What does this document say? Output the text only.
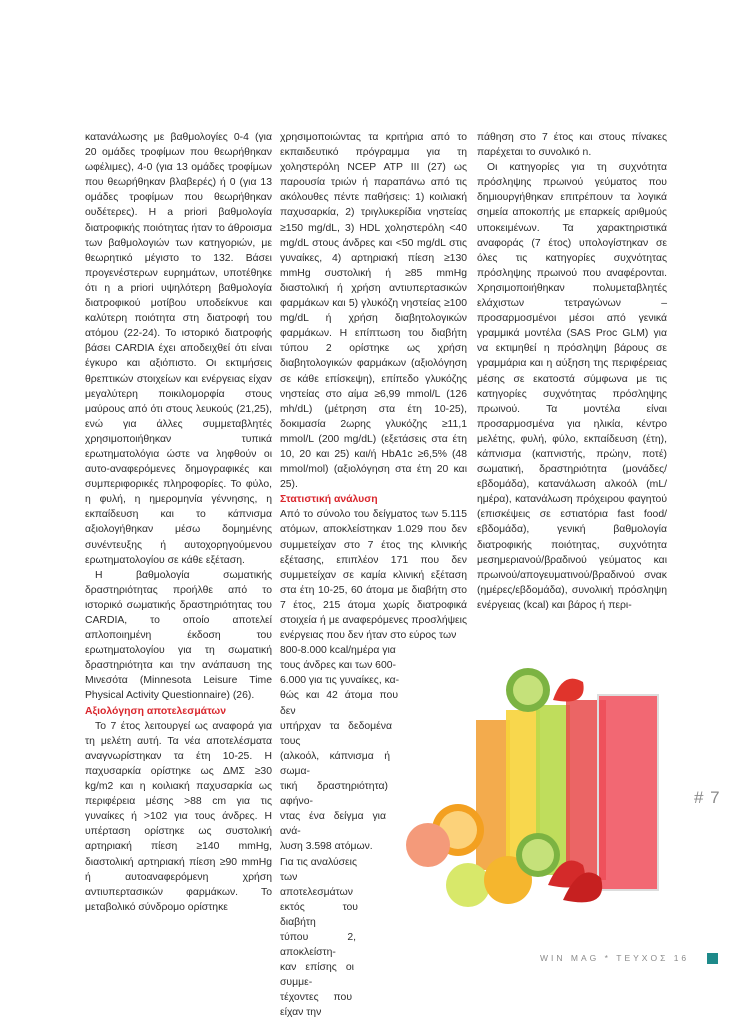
κατανάλωσης με βαθμολογίες 0-4 (για 20 ομάδες τροφίμων που θεωρήθηκαν ωφέλιμες), 4-0 (για 13 ομάδες τροφίμων που θεωρήθηκαν βλαβερές) ή 0 (για 13 ομάδες τροφίμων που θεωρήθηκαν ουδέτερες). Η a priori βαθμολογία διατροφικής ποιότητας ήταν το άθροισμα των βαθμολογιών των κατηγοριών, με θεωρητικό μέγιστο το 132. Βάσει προγενέστερων ευρημάτων, υποτέθηκε ότι η a priori υψηλότερη βαθμολογία διατροφικού μοτίβου υποδείκνυε και καλύτερη ποιότητα στη διατροφή του ατόμου (22-24). Το ιστορικό διατροφής βάσει CARDIA έχει αποδειχθεί ότι είναι έγκυρο και αξιόπιστο. Οι εκτιμήσεις θρεπτικών στοιχείων και ενέργειας είχαν μεγαλύτερη ποικιλομορφία στους μαύρους από ότι στους λευκούς (21,25), ενώ για άλλες συμμεταβλητές χρησιμοποιήθηκαν τυπικά ερωτηματολόγια ώστε να ληφθούν οι αυτο-αναφερόμενες δημογραφικές και συμπεριφορικές πληροφορίες. Το φύλο, η φυλή, η ημερομηνία γέννησης, η εκπαίδευση και το κάπνισμα αξιολογήθηκαν μέσω δομημένης συνέντευξης ή αυτοχορηγούμενου ερωτηματολογίου σε κάθε εξέταση.

Η βαθμολογία σωματικής δραστηριότητας προήλθε από το ιστορικό σωματικής δραστηριότητας του CARDIA, το οποίο αποτελεί απλοποιημένη έκδοση του ερωτηματολογίου για τη σωματική δραστηριότητα και την ανάπαυση της Μινεσότα (Minnesota Leisure Time Physical Activity Questionnaire) (26).

Αξιολόγηση αποτελεσμάτων

Το 7 έτος λειτουργεί ως αναφορά για τη μελέτη αυτή. Τα νέα αποτελέσματα αναγνωρίστηκαν τα έτη 10-25. Η παχυσαρκία ορίστηκε ως ΔΜΣ ≥30 kg/m2 και η κοιλιακή παχυσαρκία ως περιφέρεια μέσης >88 cm για τις γυναίκες ή >102 για τους άνδρες. Η υπέρταση ορίστηκε ως συστολική αρτηριακή πίεση ≥140 mmHg, διαστολική αρτηριακή πίεση ≥90 mmHg ή αυτοαναφερόμενη χρήση αντιυπερτασικών φαρμάκων. Το μεταβολικό σύνδρομο ορίστηκε

χρησιμοποιώντας τα κριτήρια από το εκπαιδευτικό πρόγραμμα για τη χοληστερόλη NCEP ATP III (27) ως παρουσία τριών ή παραπάνω από τις ακόλουθες πέντε παθήσεις: 1) κοιλιακή παχυσαρκία, 2) τριγλυκερίδια νηστείας ≥150 mg/dL, 3) HDL χοληστερόλη <40 mg/dL στους άνδρες και <50 mg/dL στις γυναίκες, 4) αρτηριακή πίεση ≥130 mmHg συστολική ή ≥85 mmHg διαστολική ή χρήση αντιυπερτασικών φαρμάκων και 5) γλυκόζη νηστείας ≥100 mg/dL ή χρήση διαβητολογικών φαρμάκων. Η επίπτωση του διαβήτη τύπου 2 ορίστηκε ως χρήση διαβητολογικών φαρμάκων (αξιολόγηση σε κάθε επίσκεψη), επίπεδο γλυκόζης νηστείας στο αίμα ≥6,99 mmol/L (126 mh/dL) (μέτρηση στα έτη 10-25), δοκιμασία 2ωρης γλυκόζης ≥11,1 mmol/L (200 mg/dL) (εξετάσεις στα έτη 10, 20 και 25) και/ή HbA1c ≥6,5% (48 mmol/mol) (αξιολόγηση στα έτη 20 και 25).

Στατιστική ανάλυση

Από το σύνολο του δείγματος των 5.115 ατόμων, αποκλείστηκαν 1.029 που δεν συμμετείχαν στο 7 έτος της κλινικής εξέτασης, επιπλέον 171 που δεν συμμετείχαν σε καμία κλινική εξέταση στα έτη 10-25, 60 άτομα με διαβήτη στο 7 έτος, 215 άτομα χωρίς διατροφικά στοιχεία ή με αναφερόμενες προσλήψεις ενέργειας που δεν ήταν στο εύρος των

800-8.000 kcal/ημέρα για
τους άνδρες και των 600-
6.000 για τις γυναίκες, κα-
θώς και 42 άτομα που δεν
υπήρχαν τα δεδομένα τους
(αλκοόλ, κάπνισμα ή σωμα-
τική δραστηριότητα) αφήνο-
ντας ένα δείγμα για ανά-
λυση 3.598 ατόμων.
Για τις αναλύσεις
των αποτελεσμάτων
εκτός του διαβήτη
τύπου 2, αποκλείστη-
καν επίσης οι συμμε-
τέχοντες που είχαν την

πάθηση στο 7 έτος και στους πίνακες παρέχεται το συνολικό n.

Οι κατηγορίες για τη συχνότητα πρόσληψης πρωινού γεύματος που δημιουργήθηκαν επιτρέπουν τα λογικά σημεία αποκοπής με επαρκείς αριθμούς υποκειμένων. Τα χαρακτηριστικά αναφοράς (7 έτος) υπολογίστηκαν σε όλες τις κατηγορίες συχνότητας πρόσληψης πρωινού που αναφέρονται. Χρησιμοποιήθηκαν πολυμεταβλητές ελάχιστων τετραγώνων – προσαρμοσμένοι μέσοι από γενικά γραμμικά μοντέλα (SAS Proc GLM) για να εκτιμηθεί η πρόσληψη βάρους σε γραμμάρια και η αύξηση της περιφέρειας μέσης σε εκατοστά σύμφωνα με τις κατηγορίες συχνότητας πρόσληψης πρωινού. Τα μοντέλα είναι προσαρμοσμένα για ηλικία, κέντρο μελέτης, φυλή, φύλο, εκπαίδευση (έτη), κάπνισμα (καπνιστής, πρώην, ποτέ) σωματική, δραστηριότητα (μονάδες/εβδομάδα), κατανάλωση αλκοόλ (mL/ημέρα), κατανάλωση πρόχειρου φαγητού (επισκέψεις σε εστιατόρια fast food/εβδομάδα), γενική βαθμολογία διατροφικής ποιότητας, συχνότητα μεσημεριανού/βραδινού γεύματος και πρωινού/απογευματινού/βραδινού σνακ (ημέρες/εβδομάδα), συνολική πρόσληψη ενέργειας (kcal) και βάρος ή περι-

# 7
WIN MAG * ΤΕΥΧΟΣ 16
